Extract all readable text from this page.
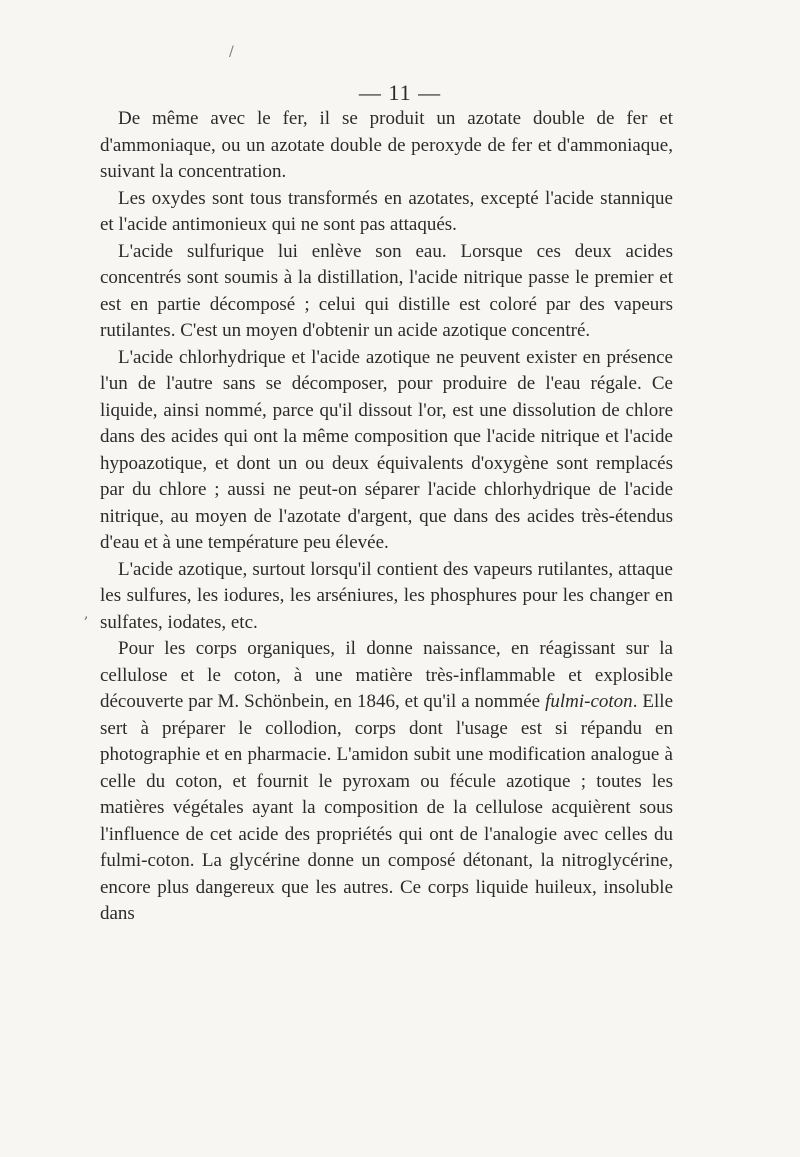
/
,
— 11 —

De même avec le fer, il se produit un azotate double de fer et d'ammoniaque, ou un azotate double de peroxyde de fer et d'ammoniaque, suivant la concentration.

Les oxydes sont tous transformés en azotates, excepté l'acide stannique et l'acide antimonieux qui ne sont pas attaqués.

L'acide sulfurique lui enlève son eau. Lorsque ces deux acides concentrés sont soumis à la distillation, l'acide nitrique passe le premier et est en partie décomposé ; celui qui distille est coloré par des vapeurs rutilantes. C'est un moyen d'obtenir un acide azotique concentré.

L'acide chlorhydrique et l'acide azotique ne peuvent exister en présence l'un de l'autre sans se décomposer, pour produire de l'eau régale. Ce liquide, ainsi nommé, parce qu'il dissout l'or, est une dissolution de chlore dans des acides qui ont la même composition que l'acide nitrique et l'acide hypoazotique, et dont un ou deux équivalents d'oxygène sont remplacés par du chlore ; aussi ne peut-on séparer l'acide chlorhydrique de l'acide nitrique, au moyen de l'azotate d'argent, que dans des acides très-étendus d'eau et à une température peu élevée.

L'acide azotique, surtout lorsqu'il contient des vapeurs rutilantes, attaque les sulfures, les iodures, les arséniures, les phosphures pour les changer en sulfates, iodates, etc.

Pour les corps organiques, il donne naissance, en réagissant sur la cellulose et le coton, à une matière très-inflammable et explosible découverte par M. Schönbein, en 1846, et qu'il a nommée fulmi-coton. Elle sert à préparer le collodion, corps dont l'usage est si répandu en photographie et en pharmacie. L'amidon subit une modification analogue à celle du coton, et fournit le pyroxam ou fécule azotique ; toutes les matières végétales ayant la composition de la cellulose acquièrent sous l'influence de cet acide des propriétés qui ont de l'analogie avec celles du fulmi-coton. La glycérine donne un composé détonant, la nitroglycérine, encore plus dangereux que les autres. Ce corps liquide huileux, insoluble dans
